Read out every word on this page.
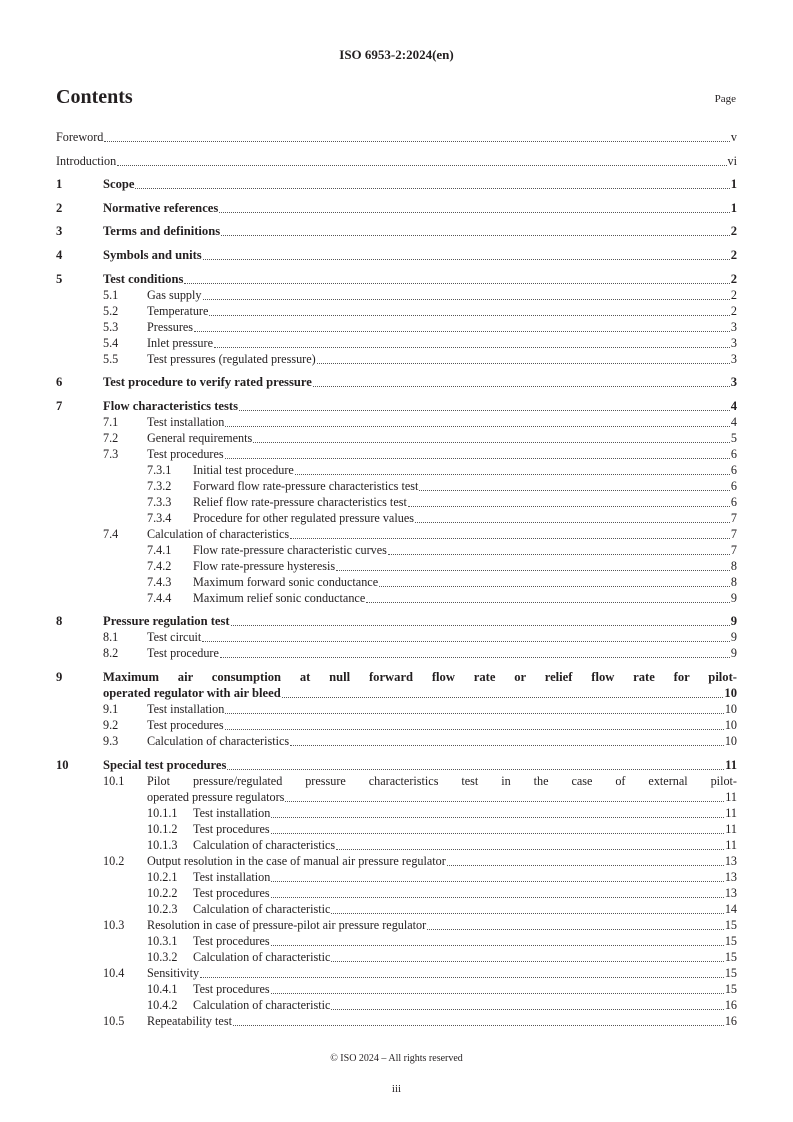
ISO 6953-2:2024(en)
Contents	Page
Foreword	v
Introduction	vi
1	Scope	1
2	Normative references	1
3	Terms and definitions	2
4	Symbols and units	2
5	Test conditions	2
5.1	Gas supply	2
5.2	Temperature	2
5.3	Pressures	3
5.4	Inlet pressure	3
5.5	Test pressures (regulated pressure)	3
6	Test procedure to verify rated pressure	3
7	Flow characteristics tests	4
7.1	Test installation	4
7.2	General requirements	5
7.3	Test procedures	6
7.3.1	Initial test procedure	6
7.3.2	Forward flow rate-pressure characteristics test	6
7.3.3	Relief flow rate-pressure characteristics test	6
7.3.4	Procedure for other regulated pressure values	7
7.4	Calculation of characteristics	7
7.4.1	Flow rate-pressure characteristic curves	7
7.4.2	Flow rate-pressure hysteresis	8
7.4.3	Maximum forward sonic conductance	8
7.4.4	Maximum relief sonic conductance	9
8	Pressure regulation test	9
8.1	Test circuit	9
8.2	Test procedure	9
9	Maximum air consumption at null forward flow rate or relief flow rate for pilot-
operated regulator with air bleed	10
9.1	Test installation	10
9.2	Test procedures	10
9.3	Calculation of characteristics	10
10	Special test procedures	11
10.1	Pilot pressure/regulated pressure characteristics test in the case of external pilot-
operated pressure regulators	11
10.1.1	Test installation	11
10.1.2	Test procedures	11
10.1.3	Calculation of characteristics	11
10.2	Output resolution in the case of manual air pressure regulator	13
10.2.1	Test installation	13
10.2.2	Test procedures	13
10.2.3	Calculation of characteristic	14
10.3	Resolution in case of pressure-pilot air pressure regulator	15
10.3.1	Test procedures	15
10.3.2	Calculation of characteristic	15
10.4	Sensitivity	15
10.4.1	Test procedures	15
10.4.2	Calculation of characteristic	16
10.5	Repeatability test	16
© ISO 2024 – All rights reserved
iii
